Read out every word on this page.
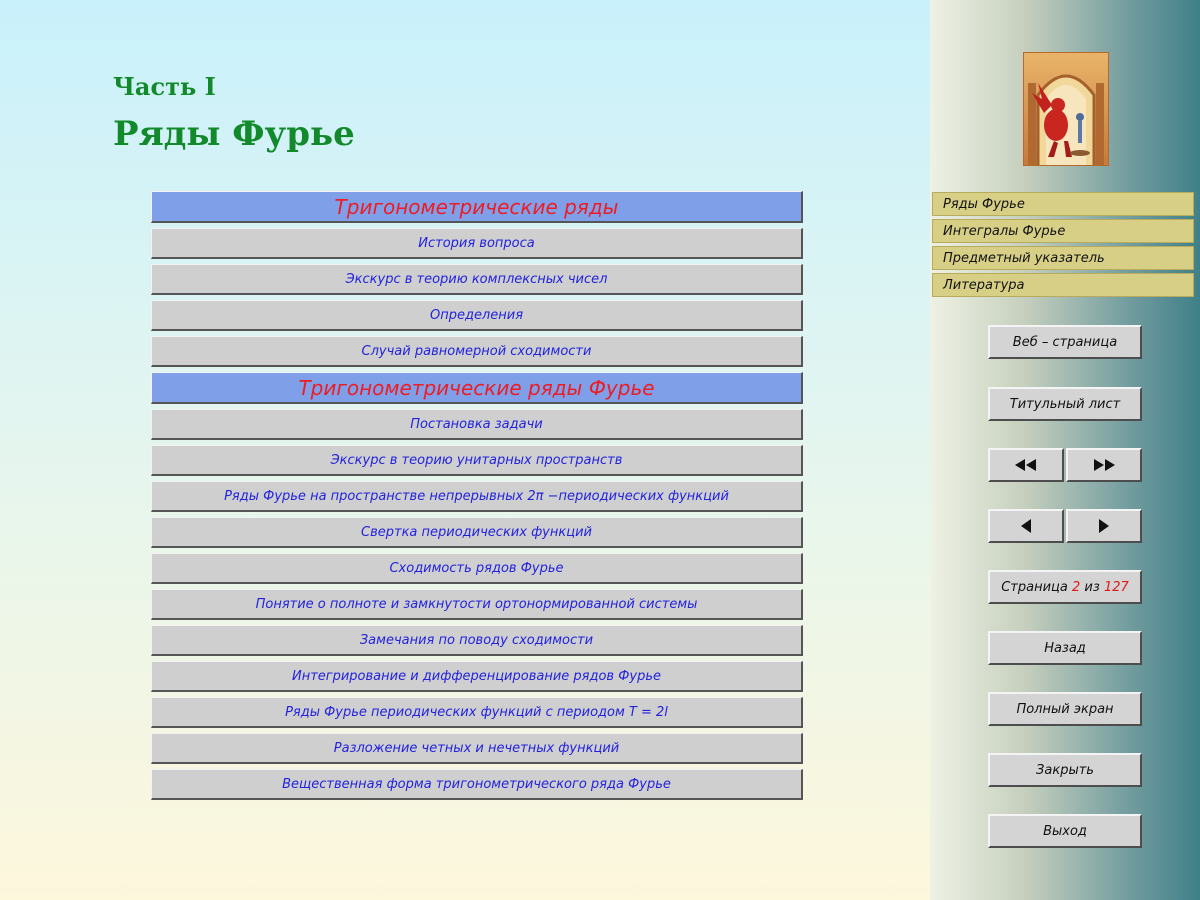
Часть I
Ряды Фурье
Тригонометрические ряды
История вопроса
Экскурс в теорию комплексных чисел
Определения
Случай равномерной сходимости
Тригонометрические ряды Фурье
Постановка задачи
Экскурс в теорию унитарных пространств
Ряды Фурье на пространстве непрерывных 2π −периодических функций
Свертка периодических функций
Сходимость рядов Фурье
Понятие о полноте и замкнутости ортонормированной системы
Замечания по поводу сходимости
Интегрирование и дифференцирование рядов Фурье
Ряды Фурье периодических функций с периодом T = 2l
Разложение четных и нечетных функций
Вещественная форма тригонометрического ряда Фурье
Ряды Фурье
Интегралы Фурье
Предметный указатель
Литература
Веб – страница
Титульный лист
Страница
2
из
127
Назад
Полный экран
Закрыть
Выход
